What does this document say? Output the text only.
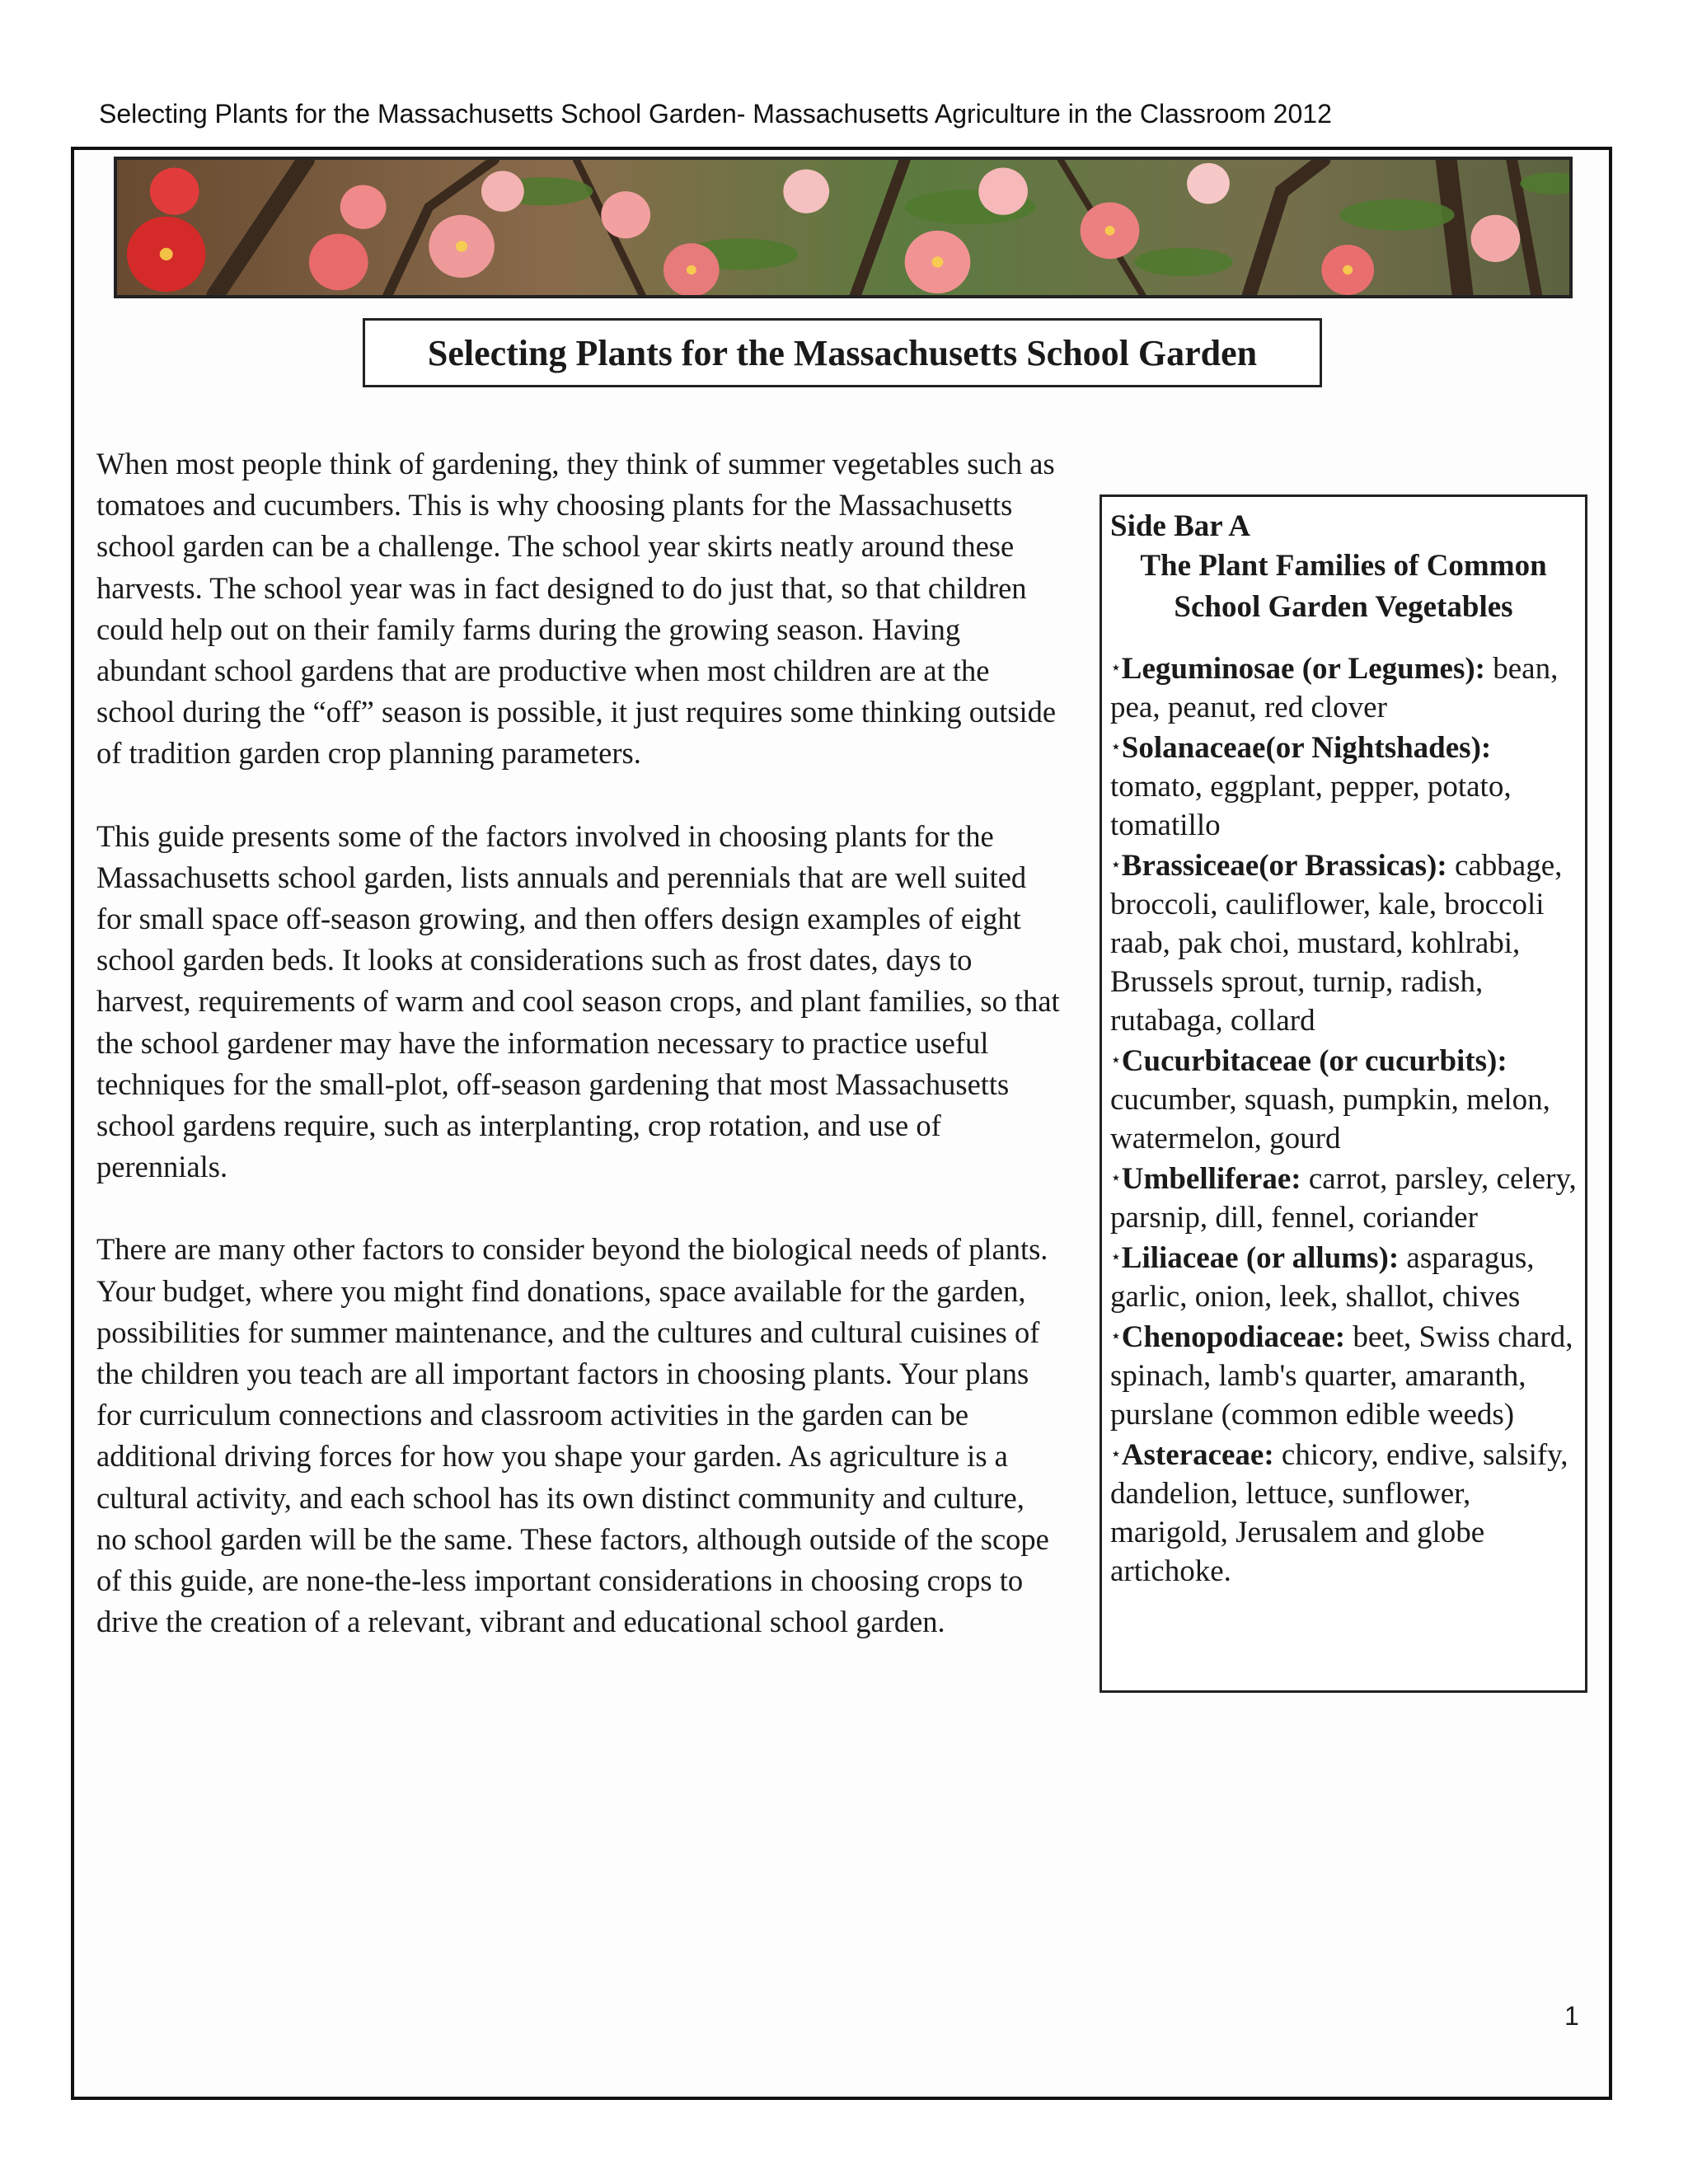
Selecting Plants for the Massachusetts School Garden- Massachusetts Agriculture in the Classroom 2012
Selecting Plants for the Massachusetts School Garden

When most people think of gardening, they think of summer vegetables such as tomatoes and cucumbers. This is why choosing plants for the Massachusetts school garden can be a challenge. The school year skirts neatly around these harvests. The school year was in fact designed to do just that, so that children could help out on their family farms during the growing season. Having abundant school gardens that are productive when most children are at the school during the “off” season is possible, it just requires some thinking outside of tradition garden crop planning parameters.

This guide presents some of the factors involved in choosing plants for the Massachusetts school garden, lists annuals and perennials that are well suited for small space off-season growing, and then offers design examples of eight school garden beds. It looks at considerations such as frost dates, days to harvest, requirements of warm and cool season crops, and plant families, so that the school gardener may have the information necessary to practice useful techniques for the small-plot, off-season gardening that most Massachusetts school gardens require, such as interplanting, crop rotation, and use of perennials.

There are many other factors to consider beyond the biological needs of plants. Your budget, where you might find donations, space available for the garden, possibilities for summer maintenance, and the cultures and cultural cuisines of the children you teach are all important factors in choosing plants. Your plans for curriculum connections and classroom activities in the garden can be additional driving forces for how you shape your garden. As agriculture is a cultural activity, and each school has its own distinct community and culture, no school garden will be the same. These factors, although outside of the scope of this guide, are none-the-less important considerations in choosing crops to drive the creation of a relevant, vibrant and educational school garden.

Side Bar A

The Plant Families of Common School Garden Vegetables

⋆Leguminosae (or Legumes): bean, pea, peanut, red clover

⋆Solanaceae(or Nightshades): tomato, eggplant, pepper, potato, tomatillo

⋆Brassiceae(or Brassicas): cabbage, broccoli, cauliflower, kale, broccoli raab, pak choi, mustard, kohlrabi, Brussels sprout, turnip, radish, rutabaga, collard

⋆Cucurbitaceae (or cucurbits): cucumber, squash, pumpkin, melon, watermelon, gourd

⋆Umbelliferae: carrot, parsley, celery, parsnip, dill, fennel, coriander

⋆Liliaceae (or allums): asparagus, garlic, onion, leek, shallot, chives

⋆Chenopodiaceae: beet, Swiss chard, spinach, lamb's quarter, amaranth, purslane (common edible weeds)

⋆Asteraceae: chicory, endive, salsify, dandelion, lettuce, sunflower, marigold, Jerusalem and globe artichoke.

1
